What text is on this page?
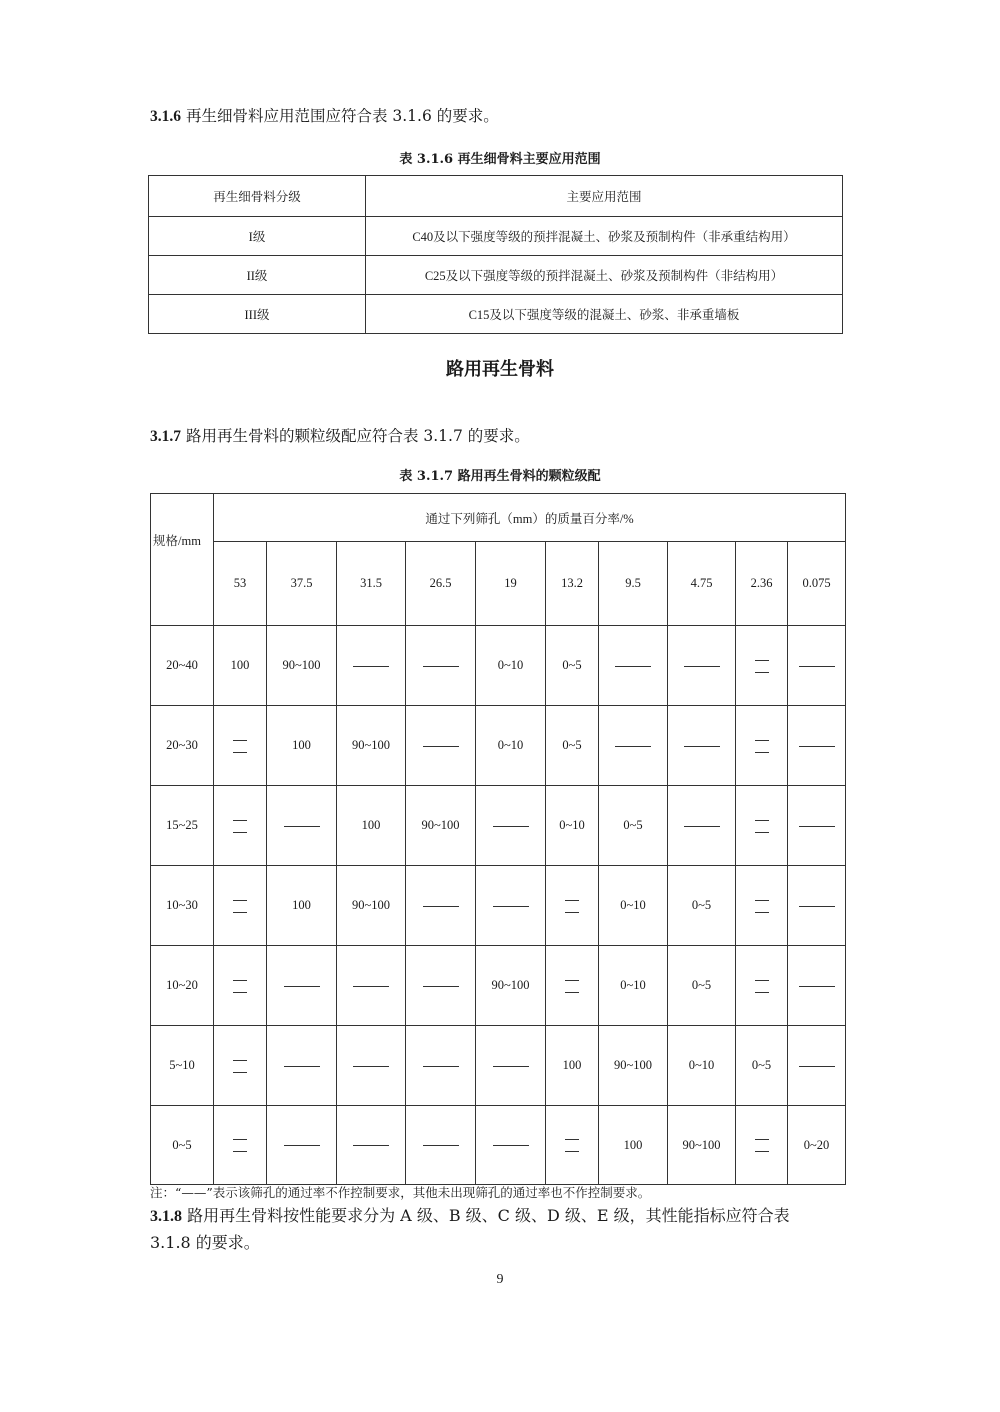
3.1.6 再生细骨料应用范围应符合表 3.1.6 的要求。
表 3.1.6 再生细骨料主要应用范围
再生细骨料分级	主要应用范围
I级	C40及以下强度等级的预拌混凝土、砂浆及预制构件（非承重结构用）
II级	C25及以下强度等级的预拌混凝土、砂浆及预制构件（非结构用）
III级	C15及以下强度等级的混凝土、砂浆、非承重墙板
路用再生骨料
3.1.7 路用再生骨料的颗粒级配应符合表 3.1.7 的要求。
表 3.1.7 路用再生骨料的颗粒级配
规格/mm	通过下列筛孔（mm）的质量百分率/%									
	53	37.5	31.5	26.5	19	13.2	9.5	4.75	2.36	0.075
20~40	100	90~100			0~10	0~5			

20~30		100	90~100		0~10	0~5			

15~25			100	90~100		0~10	0~5		

10~30		100	90~100				0~10	0~5	

10~20					90~100		0~10	0~5	

5~10						100	90~100	0~10	0~5	
0~5							100	90~100		0~20
注：“——”表示该筛孔的通过率不作控制要求，其他未出现筛孔的通过率也不作控制要求。
3.1.8 路用再生骨料按性能要求分为 A 级、B 级、C 级、D 级、E 级，其性能指标应符合表
3.1.8 的要求。
9
